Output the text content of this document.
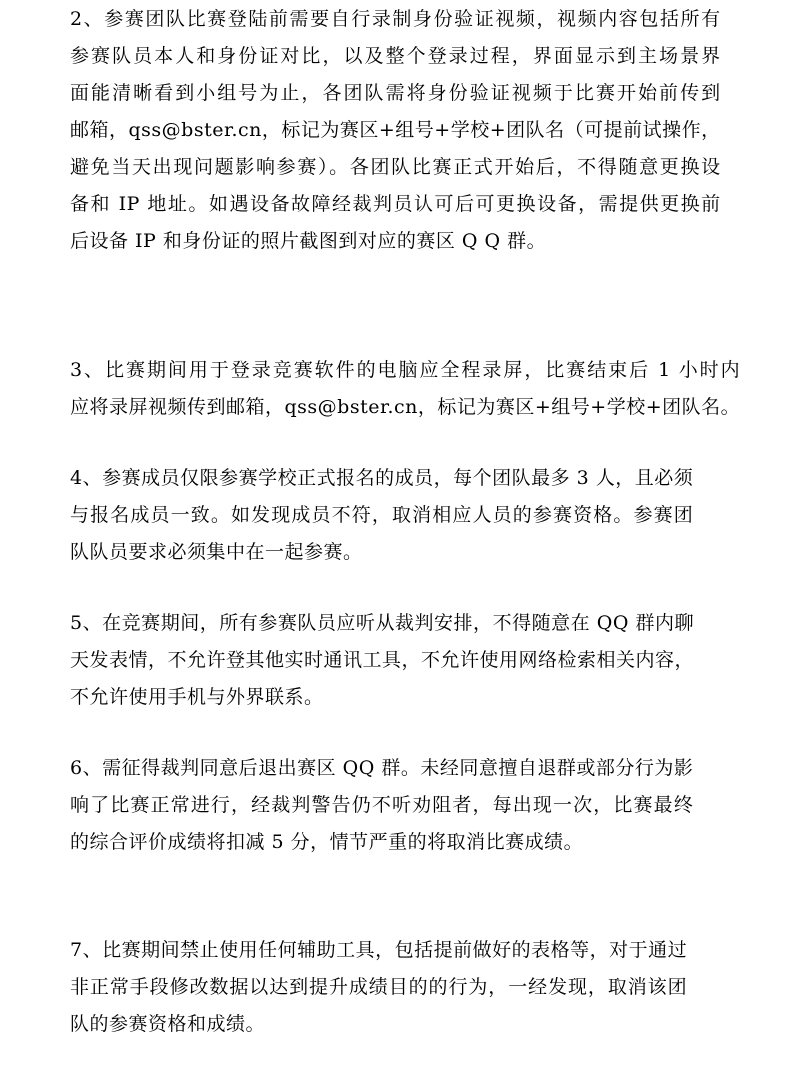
2、参赛团队比赛登陆前需要自行录制身份验证视频，视频内容包括所有
参赛队员本人和身份证对比，以及整个登录过程，界面显示到主场景界
面能清晰看到小组号为止，各团队需将身份验证视频于比赛开始前传到
邮箱，qss@bster.cn，标记为赛区+组号+学校+团队名（可提前试操作，
避免当天出现问题影响参赛）。各团队比赛正式开始后，不得随意更换设
备和 IP 地址。如遇设备故障经裁判员认可后可更换设备，需提供更换前
后设备 IP 和身份证的照片截图到对应的赛区 Q Q 群。

3、比赛期间用于登录竞赛软件的电脑应全程录屏，比赛结束后 1 小时内
应将录屏视频传到邮箱，qss@bster.cn，标记为赛区+组号+学校+团队名。

4、参赛成员仅限参赛学校正式报名的成员，每个团队最多 3 人，且必须
与报名成员一致。如发现成员不符，取消相应人员的参赛资格。参赛团
队队员要求必须集中在一起参赛。

5、在竞赛期间，所有参赛队员应听从裁判安排，不得随意在 QQ 群内聊
天发表情，不允许登其他实时通讯工具，不允许使用网络检索相关内容，
不允许使用手机与外界联系。

6、需征得裁判同意后退出赛区 QQ 群。未经同意擅自退群或部分行为影
响了比赛正常进行，经裁判警告仍不听劝阻者，每出现一次，比赛最终
的综合评价成绩将扣减 5 分，情节严重的将取消比赛成绩。

7、比赛期间禁止使用任何辅助工具，包括提前做好的表格等，对于通过
非正常手段修改数据以达到提升成绩目的的行为，一经发现，取消该团
队的参赛资格和成绩。
